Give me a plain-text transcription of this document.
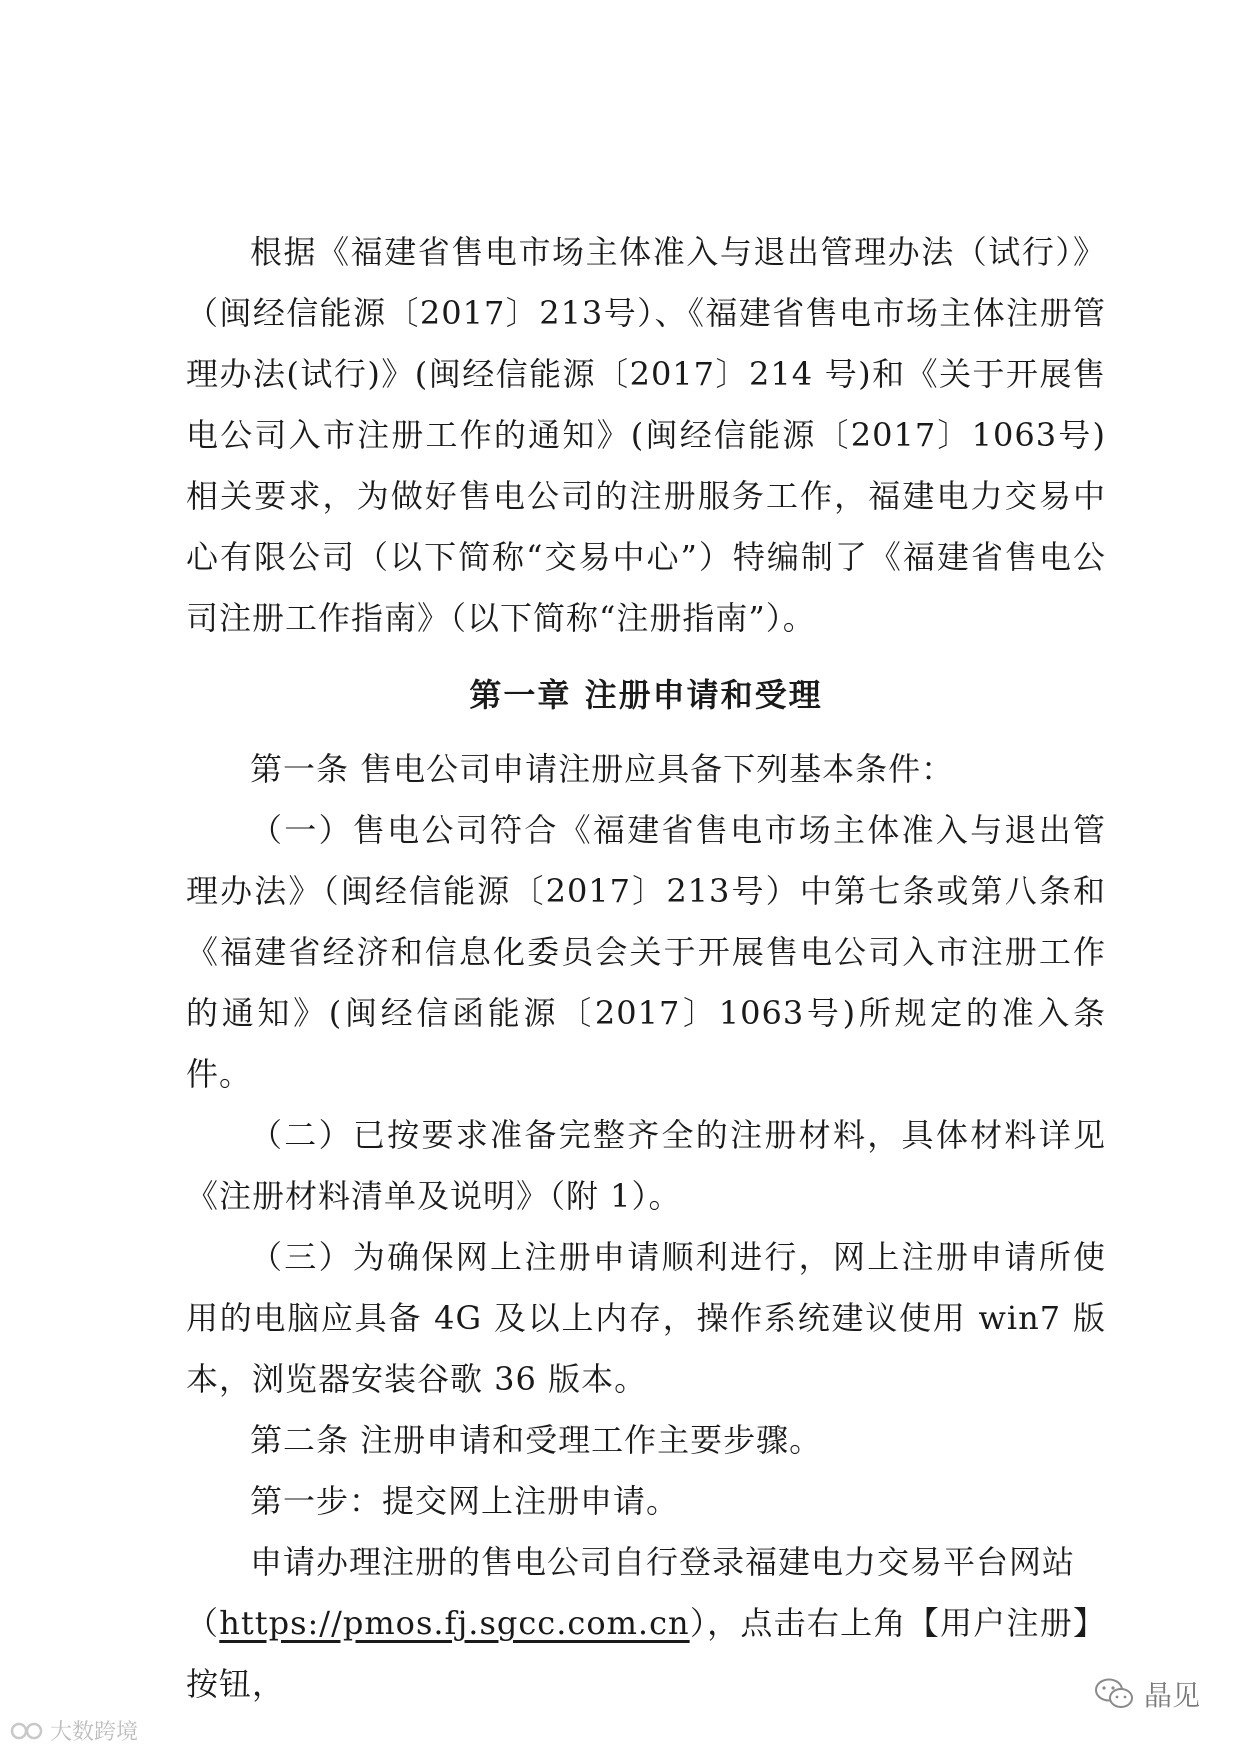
根据《福建省售电市场主体准入与退出管理办法（试行）》（闽经信能源〔2017〕213号）、《福建省售电市场主体注册管理办法(试行)》(闽经信能源〔2017〕214 号)和《关于开展售电公司入市注册工作的通知》(闽经信能源〔2017〕1063号)相关要求，为做好售电公司的注册服务工作，福建电力交易中心有限公司（以下简称“交易中心”）特编制了《福建省售电公司注册工作指南》（以下简称“注册指南”）。

第一章 注册申请和受理

第一条 售电公司申请注册应具备下列基本条件：

（一）售电公司符合《福建省售电市场主体准入与退出管理办法》（闽经信能源〔2017〕213号）中第七条或第八条和《福建省经济和信息化委员会关于开展售电公司入市注册工作的通知》(闽经信函能源〔2017〕1063号)所规定的准入条件。

（二）已按要求准备完整齐全的注册材料，具体材料详见《注册材料清单及说明》（附 1）。

（三）为确保网上注册申请顺利进行，网上注册申请所使用的电脑应具备 4G 及以上内存，操作系统建议使用 win7 版本，浏览器安装谷歌 36 版本。

第二条 注册申请和受理工作主要步骤。

第一步：提交网上注册申请。

申请办理注册的售电公司自行登录福建电力交易平台网站

（https://pmos.fj.sgcc.com.cn），点击右上角【用户注册】按钮，

大数跨境
晶见
